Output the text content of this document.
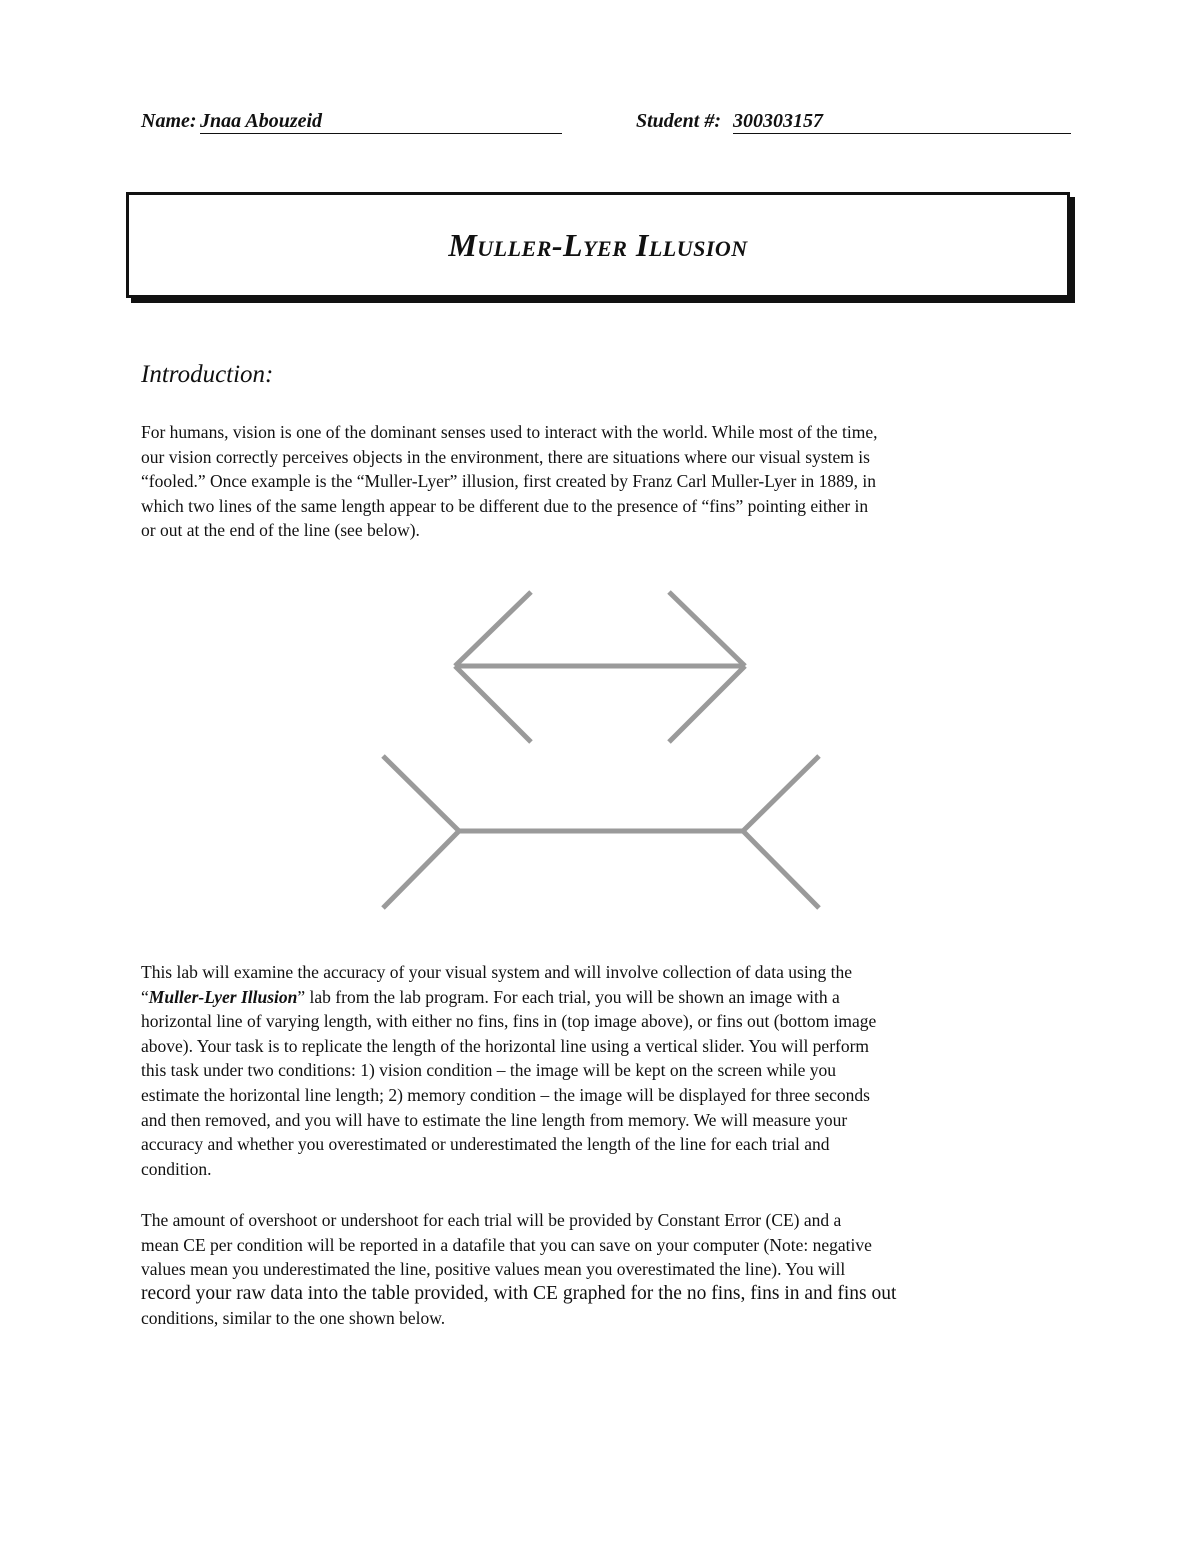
Name: Jnaa Abouzeid	Student #: 300303157
Muller-Lyer Illusion
Introduction:
For humans, vision is one of the dominant senses used to interact with the world. While most of the time,
our vision correctly perceives objects in the environment, there are situations where our visual system is
“fooled.” Once example is the “Muller-Lyer” illusion, first created by Franz Carl Muller-Lyer in 1889, in
which two lines of the same length appear to be different due to the presence of “fins” pointing either in
or out at the end of the line (see below).
This lab will examine the accuracy of your visual system and will involve collection of data using the
“Muller-Lyer Illusion” lab from the lab program. For each trial, you will be shown an image with a
horizontal line of varying length, with either no fins, fins in (top image above), or fins out (bottom image
above). Your task is to replicate the length of the horizontal line using a vertical slider. You will perform
this task under two conditions: 1) vision condition – the image will be kept on the screen while you
estimate the horizontal line length; 2) memory condition – the image will be displayed for three seconds
and then removed, and you will have to estimate the line length from memory. We will measure your
accuracy and whether you overestimated or underestimated the length of the line for each trial and
condition.
The amount of overshoot or undershoot for each trial will be provided by Constant Error (CE) and a
mean CE per condition will be reported in a datafile that you can save on your computer (Note: negative
values mean you underestimated the line, positive values mean you overestimated the line). You will
record your raw data into the table provided, with CE graphed for the no fins, fins in and fins out
conditions, similar to the one shown below.
